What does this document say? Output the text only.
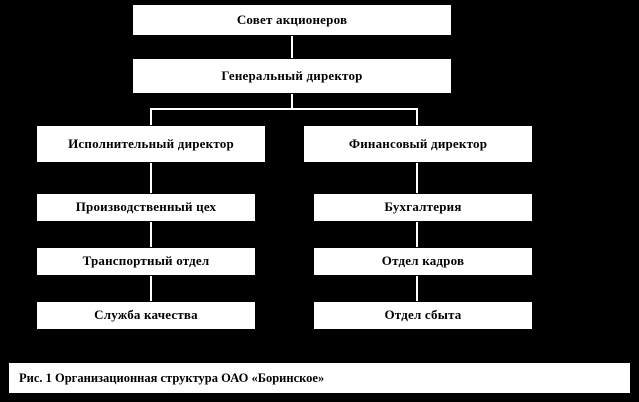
Совет акционеров
Генеральный директор
Исполнительный директор	Финансовый директор
Производственный цех	Бухгалтерия
Транспортный отдел	Отдел кадров
Служба качества	Отдел сбыта
Рис. 1 Организационная структура ОАО «Боринское»
